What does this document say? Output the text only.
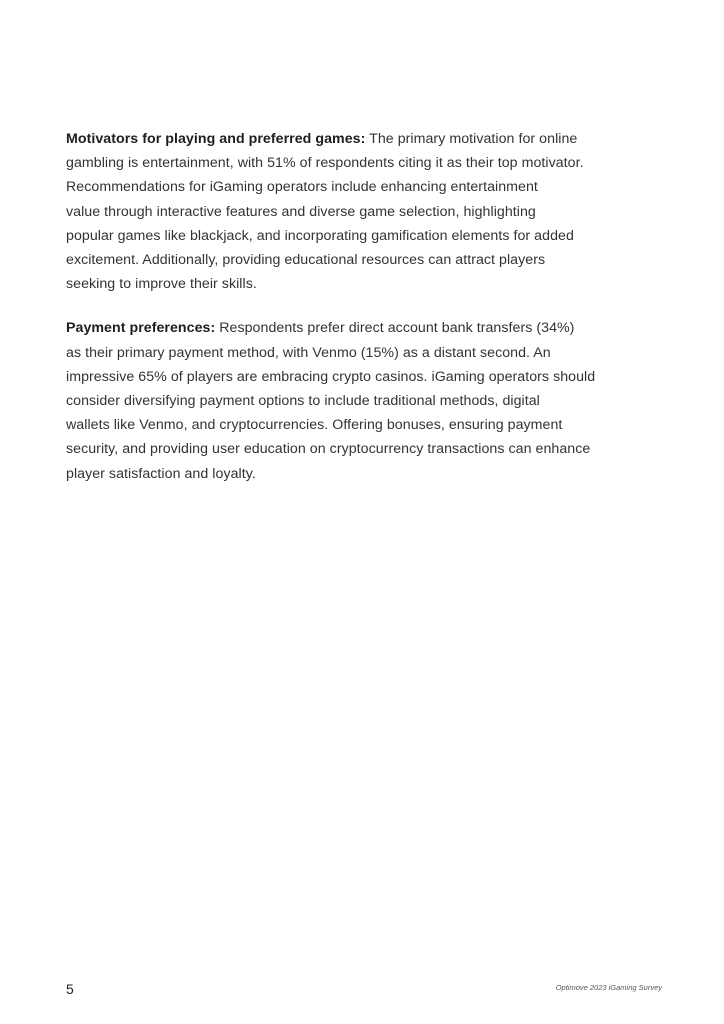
Motivators for playing and preferred games: The primary motivation for online
gambling is entertainment, with 51% of respondents citing it as their top motivator.
Recommendations for iGaming operators include enhancing entertainment
value through interactive features and diverse game selection, highlighting
popular games like blackjack, and incorporating gamification elements for added
excitement. Additionally, providing educational resources can attract players
seeking to improve their skills.

Payment preferences: Respondents prefer direct account bank transfers (34%)
as their primary payment method, with Venmo (15%) as a distant second. An
impressive 65% of players are embracing crypto casinos. iGaming operators should
consider diversifying payment options to include traditional methods, digital
wallets like Venmo, and cryptocurrencies. Offering bonuses, ensuring payment
security, and providing user education on cryptocurrency transactions can enhance
player satisfaction and loyalty.

5	Optimove 2023 iGaming Survey
